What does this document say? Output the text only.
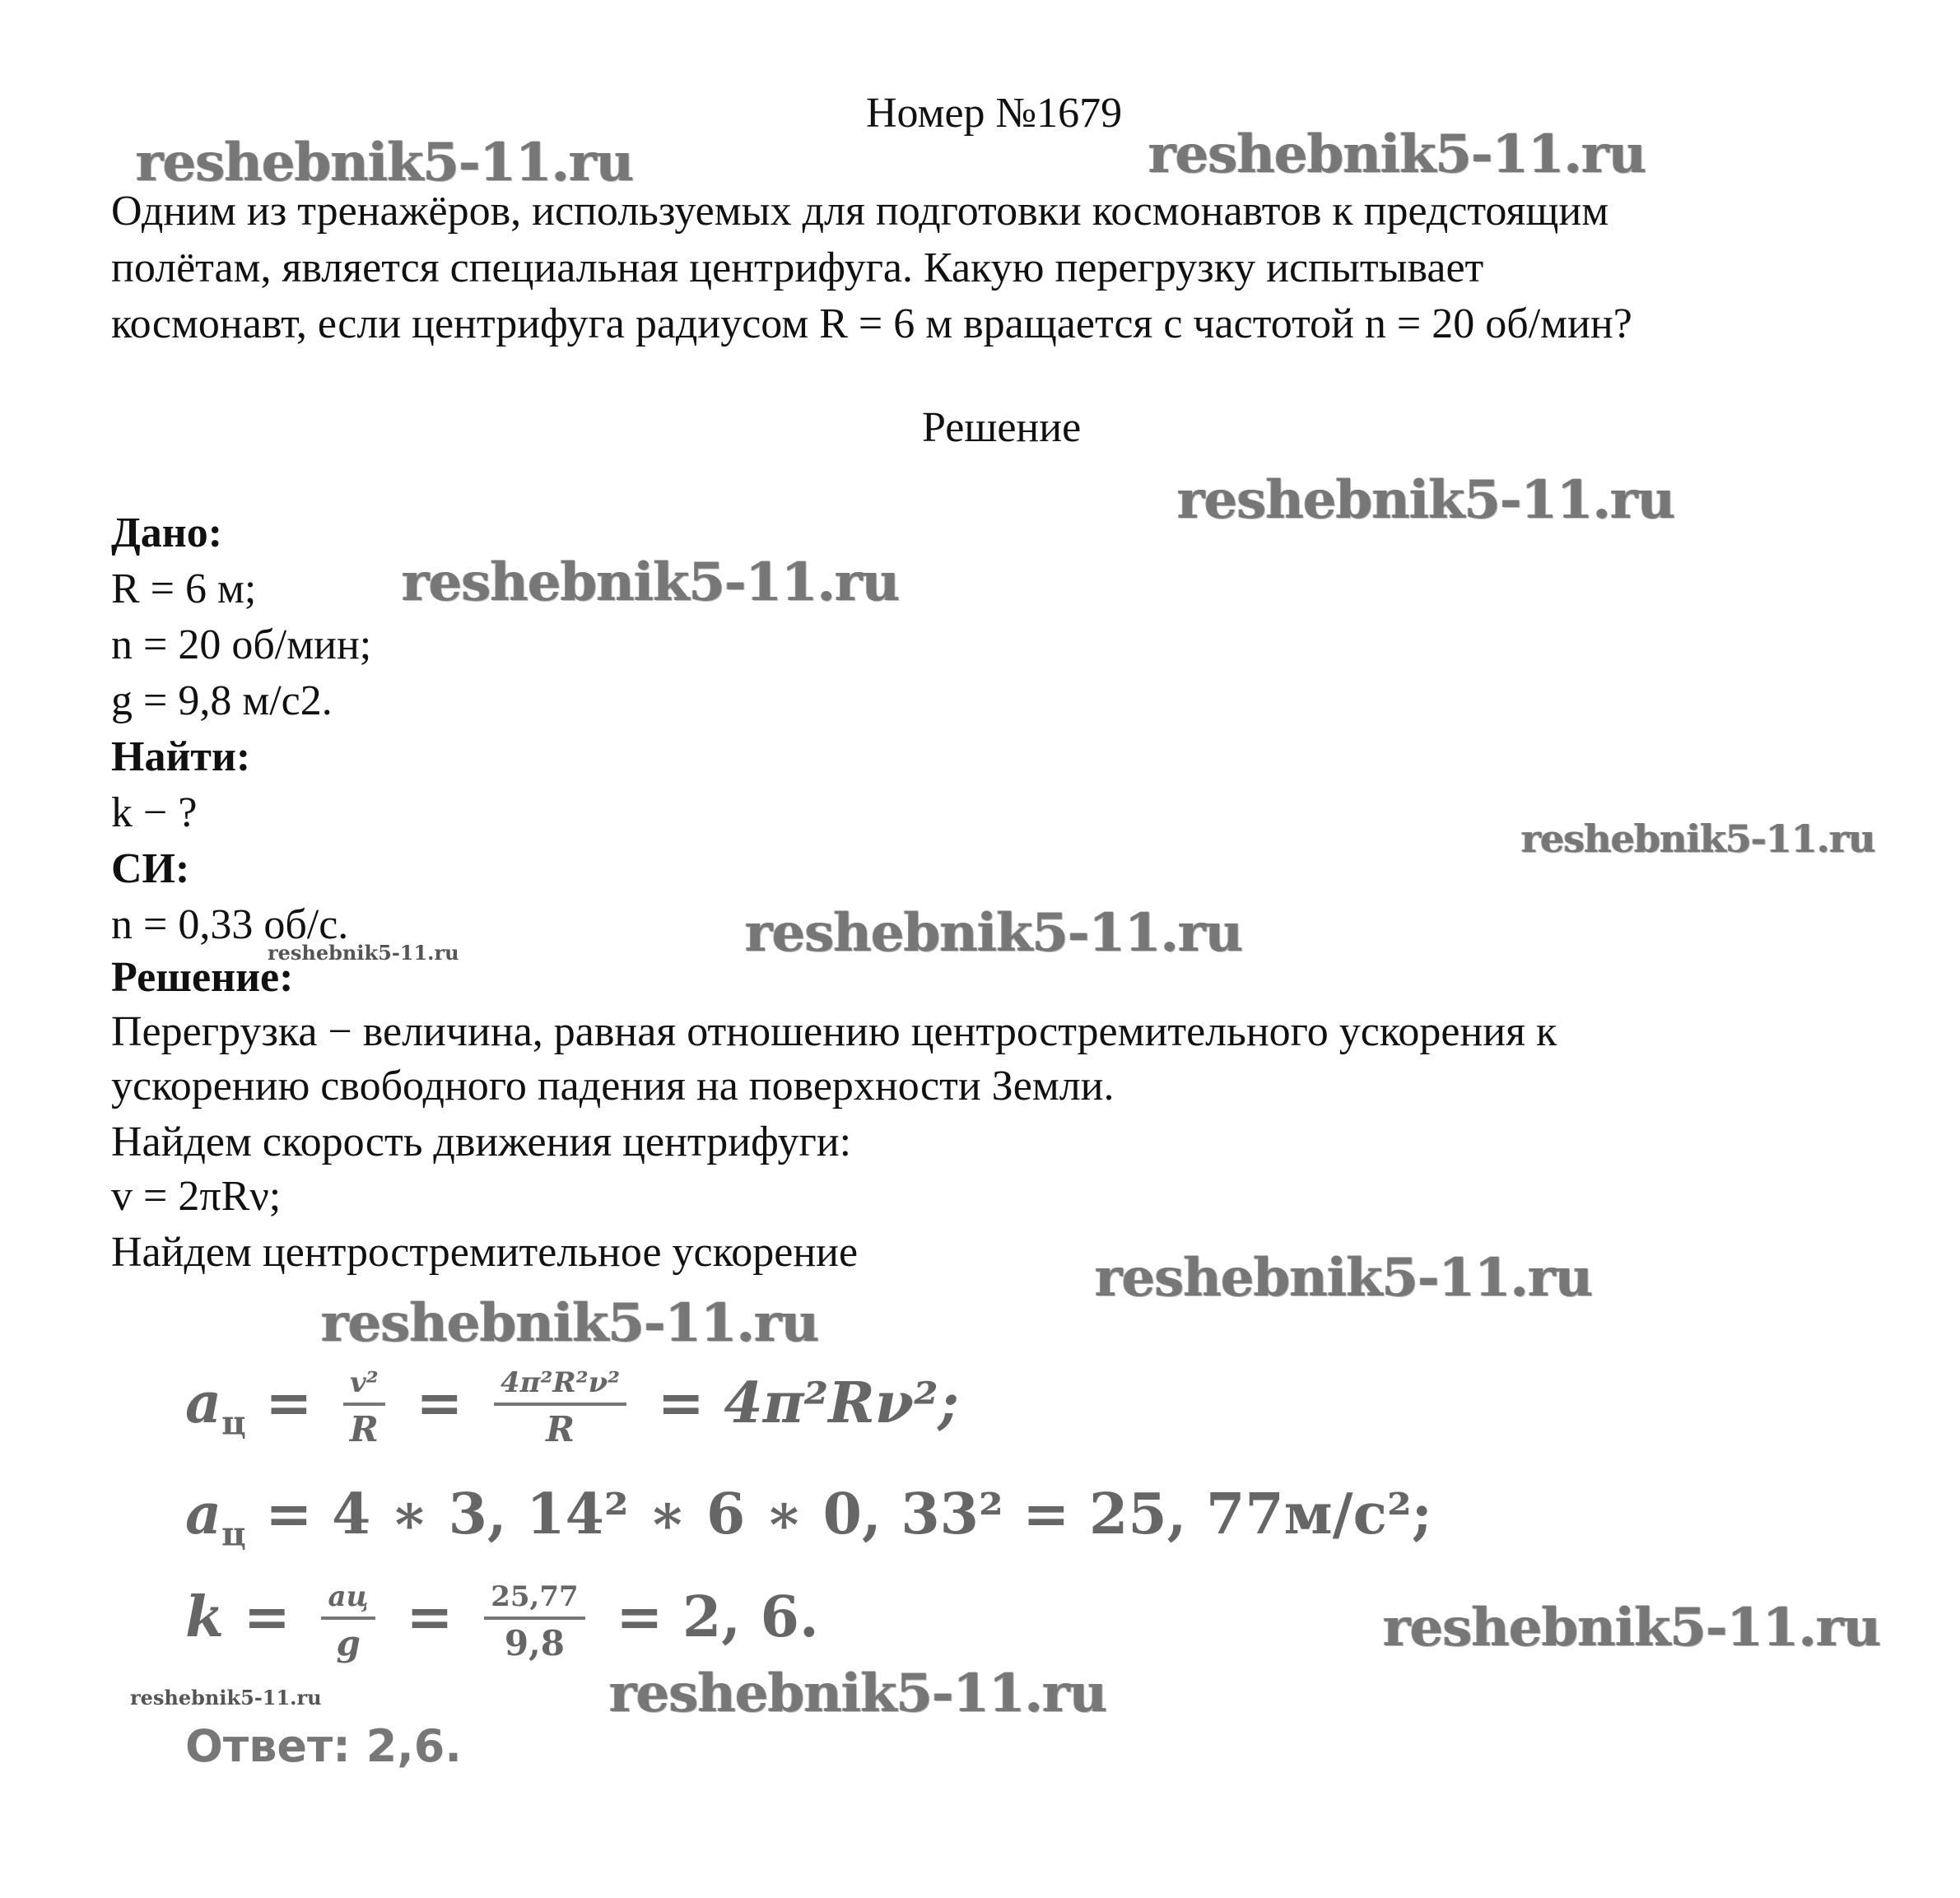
Номер №1679
Одним из тренажёров, используемых для подготовки космонавтов к предстоящим
полётам, является специальная центрифуга. Какую перегрузку испытывает
космонавт, если центрифуга радиусом R = 6 м вращается с частотой n = 20 об/мин?
Решение
Дано:
R = 6 м;
n = 20 об/мин;
g = 9,8 м/с2.
Найти:
k − ?
СИ:
n = 0,33 об/с.
Решение:
Перегрузка − величина, равная отношению центростремительного ускорения к
ускорению свободного падения на поверхности Земли.
Найдем скорость движения центрифуги:
v = 2πRν;
Найдем центростремительное ускорение
$a_ц = \frac{\text{v²}}{R} = \frac{\text{4π²R²ν²}}{R} = 4\pi^2R\nu^2$;
$a_ц = 4$ ∗ 3, 14² ∗ 6 ∗ 0, 33² = 25, 77м/с²;
$k = \frac{aц}{g} = \frac{25,77}{9,8} = 2$, 6.
Ответ: 2,6.
reshebnik5-11.ru	reshebnik5-11.ru
reshebnik5-11.ru
reshebnik5-11.ru
reshebnik5-11.ru
reshebnik5-11.ru
reshebnik5-11.ru
reshebnik5-11.ru
reshebnik5-11.ru
reshebnik5-11.ru
reshebnik5-11.ru	reshebnik5-11.ru
